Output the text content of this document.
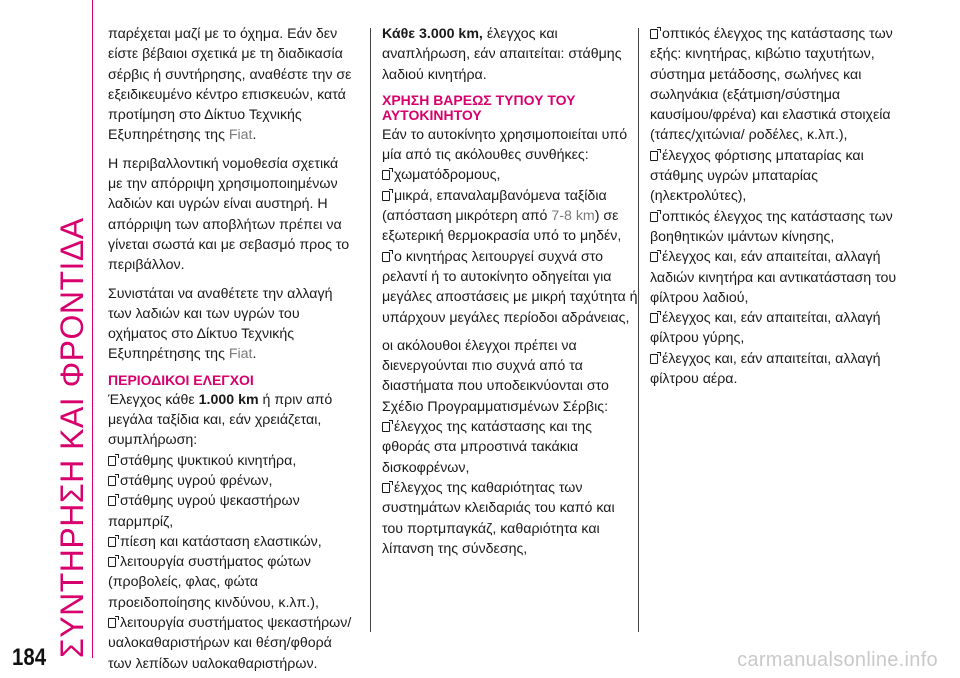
ΣΥΝΤΗΡΗΣΗ ΚΑΙ ΦΡΟΝΤΙΔΑ
184

παρέχεται μαζί με το όχημα. Εάν δεν είστε βέβαιοι σχετικά με τη διαδικασία σέρβις ή συντήρησης, αναθέστε την σε εξειδικευμένο κέντρο επισκευών, κατά προτίμηση στο Δίκτυο Τεχνικής Εξυπηρέτησης της Fiat.

Η περιβαλλοντική νομοθεσία σχετικά με την απόρριψη χρησιμοποιημένων λαδιών και υγρών είναι αυστηρή. Η απόρριψη των αποβλήτων πρέπει να γίνεται σωστά και με σεβασμό προς το περιβάλλον.

Συνιστάται να αναθέτετε την αλλαγή των λαδιών και των υγρών του οχήματος στο Δίκτυο Τεχνικής Εξυπηρέτησης της Fiat.

ΠΕΡΙΟΔΙΚΟΙ ΕΛΕΓΧΟΙ

Έλεγχος κάθε 1.000 km ή πριν από μεγάλα ταξίδια και, εάν χρειάζεται, συμπλήρωση:

στάθμης ψυκτικού κινητήρα,
στάθμης υγρού φρένων,
στάθμης υγρού ψεκαστήρων παρμπρίζ,
πίεση και κατάσταση ελαστικών,
λειτουργία συστήματος φώτων (προβολείς, φλας, φώτα προειδοποίησης κινδύνου, κ.λπ.),
λειτουργία συστήματος ψεκαστήρων/υαλοκαθαριστήρων και θέση/φθορά των λεπίδων υαλοκαθαριστήρων.

Κάθε 3.000 km, έλεγχος και αναπλήρωση, εάν απαιτείται: στάθμης λαδιού κινητήρα.

ΧΡΗΣΗ ΒΑΡΕΩΣ ΤΥΠΟΥ ΤΟΥ ΑΥΤΟΚΙΝΗΤΟΥ
Εάν το αυτοκίνητο χρησιμοποιείται υπό μία από τις ακόλουθες συνθήκες:
χωματόδρομους,
μικρά, επαναλαμβανόμενα ταξίδια (απόσταση μικρότερη από 7-8 km) σε εξωτερική θερμοκρασία υπό το μηδέν,

ο κινητήρας λειτουργεί συχνά στο ρελαντί ή το αυτοκίνητο οδηγείται για μεγάλες αποστάσεις με μικρή ταχύτητα ή υπάρχουν μεγάλες περίοδοι αδράνειας,

οι ακόλουθοι έλεγχοι πρέπει να διενεργούνται πιο συχνά από τα διαστήματα που υποδεικνύονται στο Σχέδιο Προγραμματισμένων Σέρβις:
έλεγχος της κατάστασης και της φθοράς στα μπροστινά τακάκια δισκοφρένων,
έλεγχος της καθαριότητας των συστημάτων κλειδαριάς του καπό και του πορτμπαγκάζ, καθαριότητα και λίπανση της σύνδεσης,
οπτικός έλεγχος της κατάστασης των εξής: κινητήρας, κιβώτιο ταχυτήτων, σύστημα μετάδοσης, σωλήνες και σωληνάκια (εξάτμιση/σύστημα καυσίμου/φρένα) και ελαστικά στοιχεία (τάπες/χιτώνια/ ροδέλες, κ.λπ.),
έλεγχος φόρτισης μπαταρίας και στάθμης υγρών μπαταρίας (ηλεκτρολύτες),
οπτικός έλεγχος της κατάστασης των βοηθητικών ιμάντων κίνησης,
έλεγχος και, εάν απαιτείται, αλλαγή λαδιών κινητήρα και αντικατάσταση του φίλτρου λαδιού,
έλεγχος και, εάν απαιτείται, αλλαγή φίλτρου γύρης,
έλεγχος και, εάν απαιτείται, αλλαγή φίλτρου αέρα.
carmanualsonline.info
